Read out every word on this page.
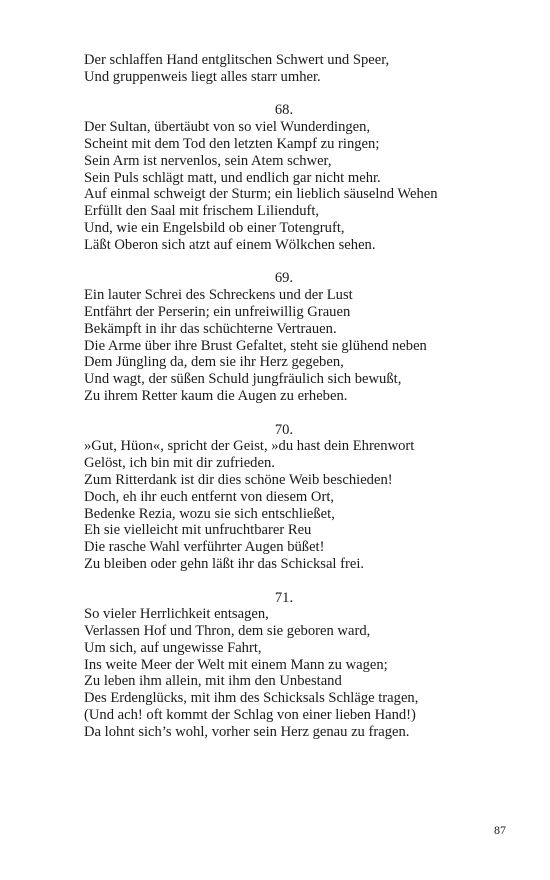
Der schlaffen Hand entglitschen Schwert und Speer,
Und gruppenweis liegt alles starr umher.
68.
Der Sultan, übertäubt von so viel Wunderdingen,
Scheint mit dem Tod den letzten Kampf zu ringen;
Sein Arm ist nervenlos, sein Atem schwer,
Sein Puls schlägt matt, und endlich gar nicht mehr.
Auf einmal schweigt der Sturm; ein lieblich säuselnd Wehen
Erfüllt den Saal mit frischem Lilienduft,
Und, wie ein Engelsbild ob einer Totengruft,
Läßt Oberon sich atzt auf einem Wölkchen sehen.
69.
Ein lauter Schrei des Schreckens und der Lust
Entfährt der Perserin; ein unfreiwillig Grauen
Bekämpft in ihr das schüchterne Vertrauen.
Die Arme über ihre Brust Gefaltet, steht sie glühend neben
Dem Jüngling da, dem sie ihr Herz gegeben,
Und wagt, der süßen Schuld jungfräulich sich bewußt,
Zu ihrem Retter kaum die Augen zu erheben.
70.
»Gut, Hüon«, spricht der Geist, »du hast dein Ehrenwort
Gelöst, ich bin mit dir zufrieden.
Zum Ritterdank ist dir dies schöne Weib beschieden!
Doch, eh ihr euch entfernt von diesem Ort,
Bedenke Rezia, wozu sie sich entschließet,
Eh sie vielleicht mit unfruchtbarer Reu
Die rasche Wahl verführter Augen büßet!
Zu bleiben oder gehn läßt ihr das Schicksal frei.
71.
So vieler Herrlichkeit entsagen,
Verlassen Hof und Thron, dem sie geboren ward,
Um sich, auf ungewisse Fahrt,
Ins weite Meer der Welt mit einem Mann zu wagen;
Zu leben ihm allein, mit ihm den Unbestand
Des Erdenglücks, mit ihm des Schicksals Schläge tragen,
(Und ach! oft kommt der Schlag von einer lieben Hand!)
Da lohnt sich’s wohl, vorher sein Herz genau zu fragen.
87
